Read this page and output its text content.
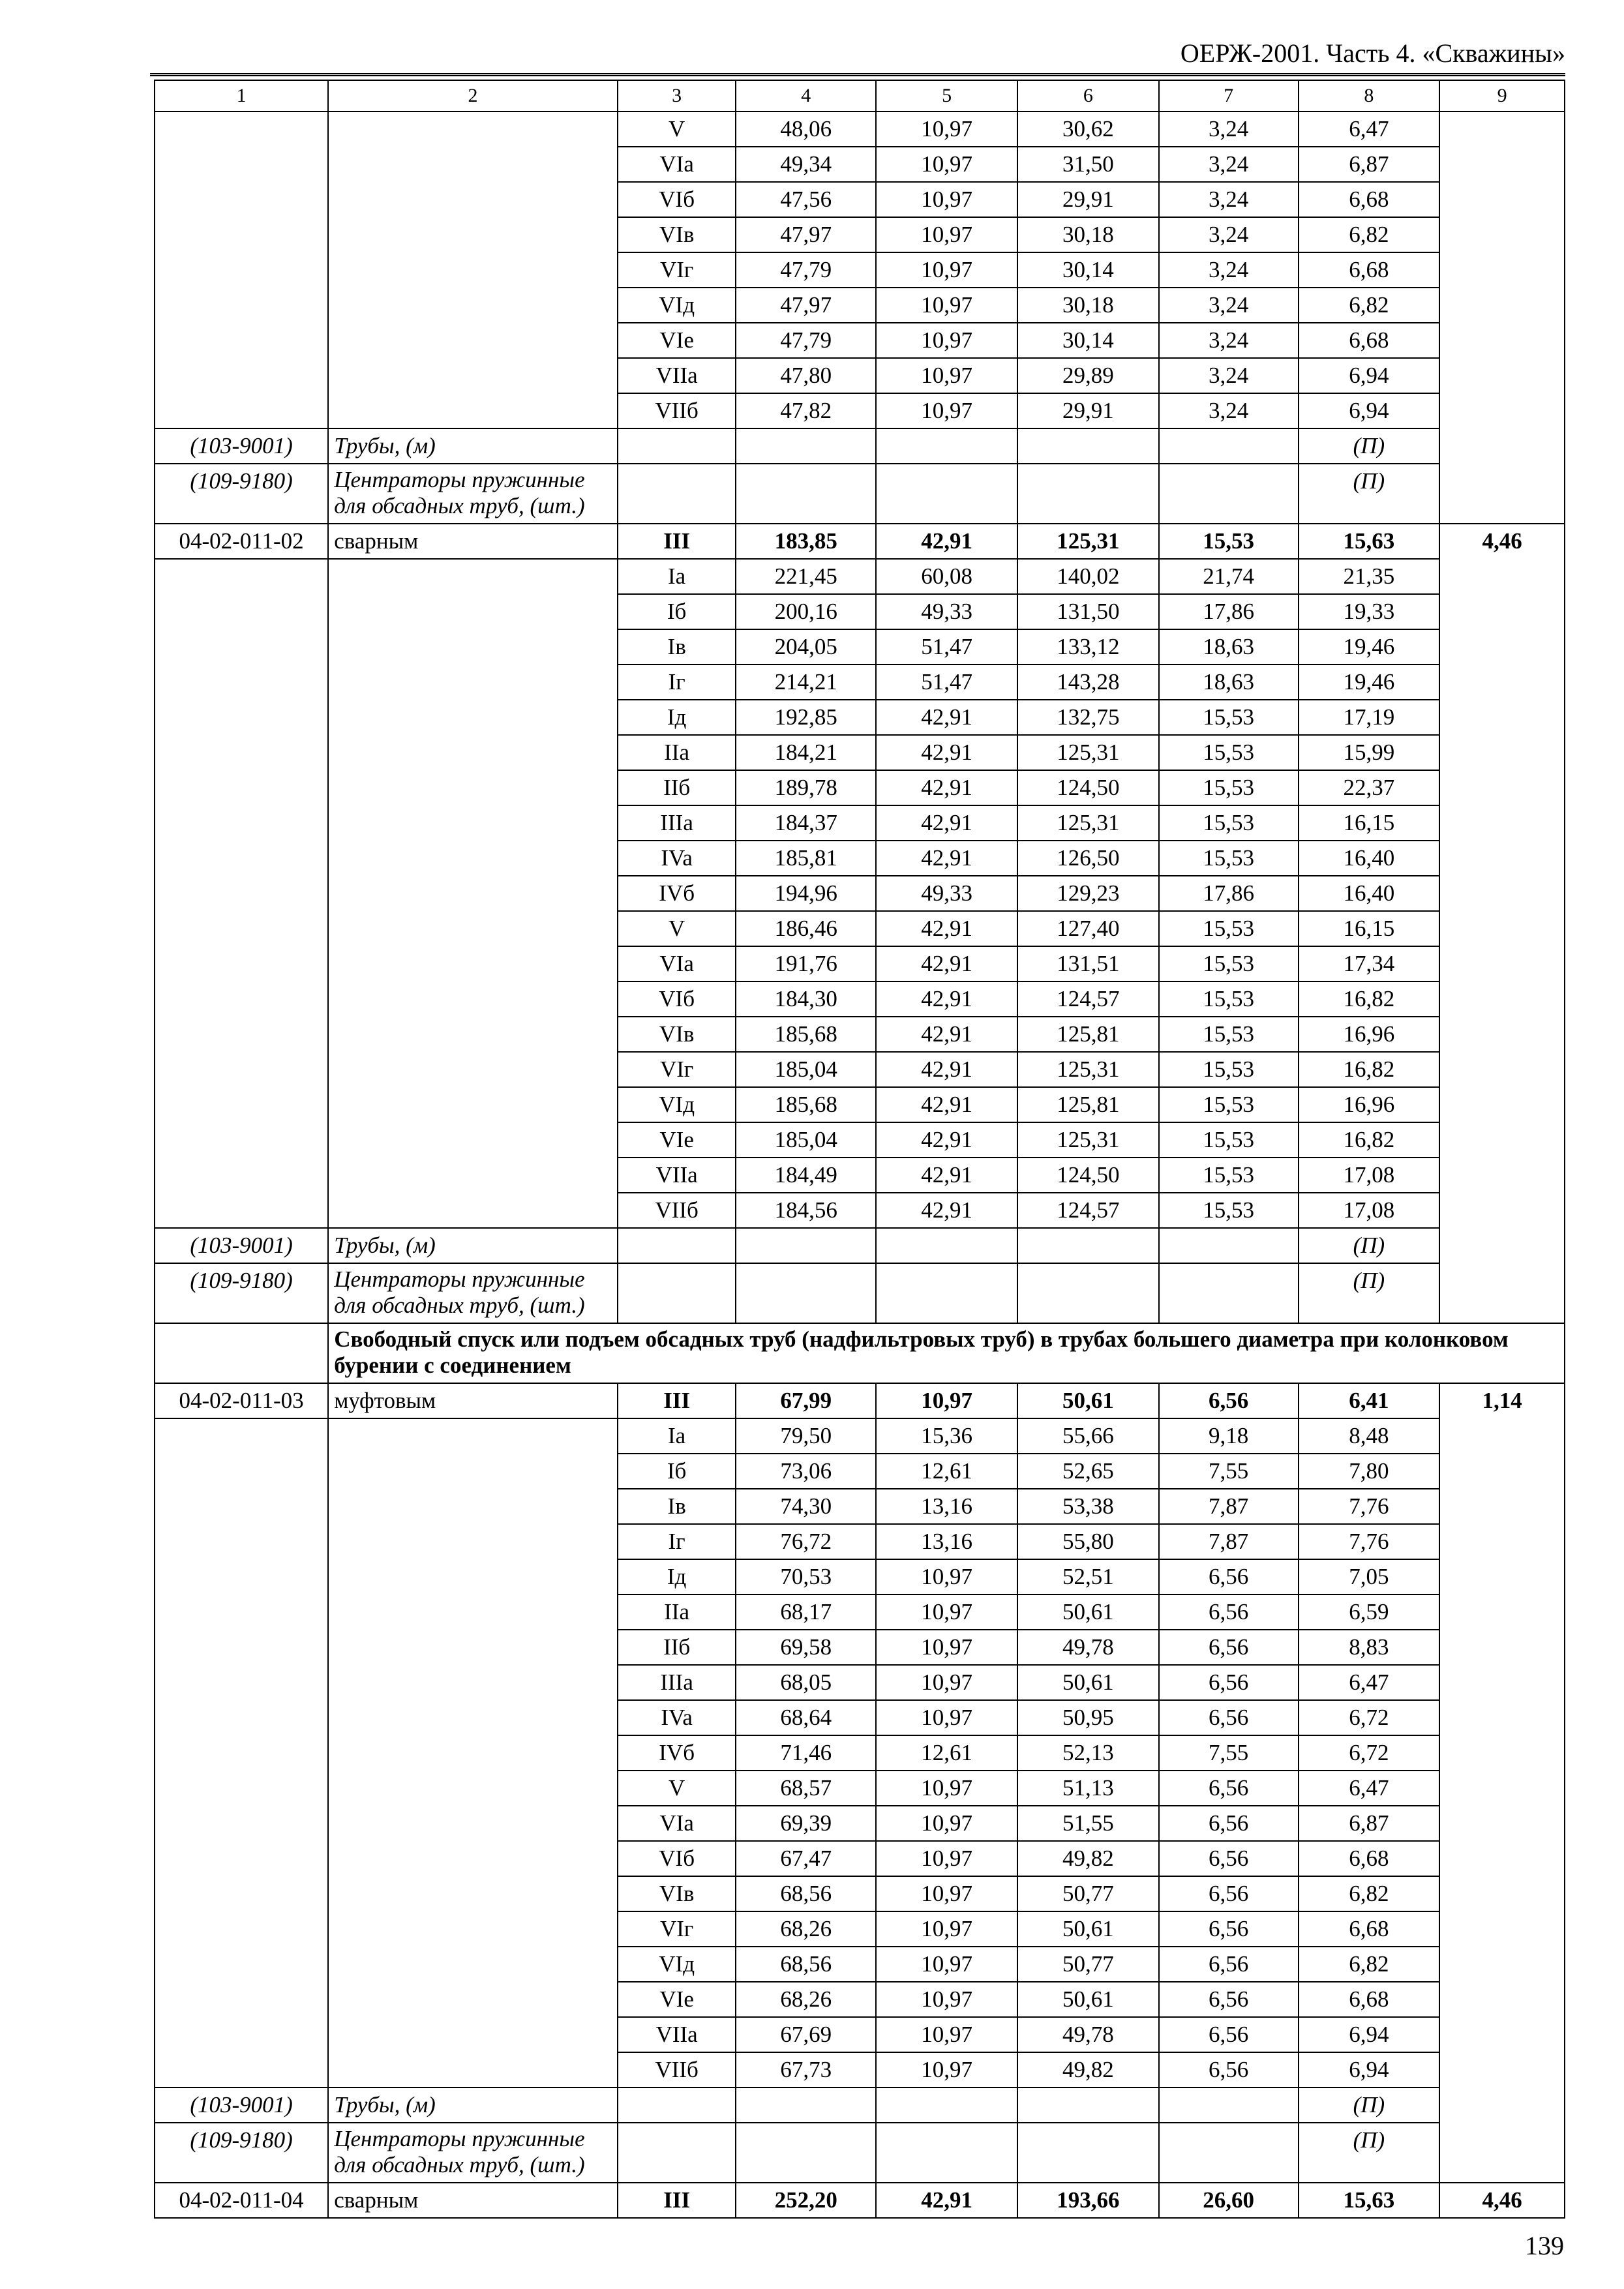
ОЕРЖ-2001. Часть 4. «Скважины»
1	2	3	4	5	6	7	8	9
		V	48,06	10,97	30,62	3,24	6,47	
		VIa	49,34	10,97	31,50	3,24	6,87	
		VIб	47,56	10,97	29,91	3,24	6,68	
		VIв	47,97	10,97	30,18	3,24	6,82	
		VIг	47,79	10,97	30,14	3,24	6,68	
		VIд	47,97	10,97	30,18	3,24	6,82	
		VIe	47,79	10,97	30,14	3,24	6,68	
		VIIa	47,80	10,97	29,89	3,24	6,94	
		VIIб	47,82	10,97	29,91	3,24	6,94	
(103-9001)	Трубы, (м)						(П)	
(109-9180)	Центраторы пружинные для обсадных труб, (шт.)						(П)	
04-02-011-02	сварным	III	183,85	42,91	125,31	15,53	15,63	4,46
		Ia	221,45	60,08	140,02	21,74	21,35	
		Iб	200,16	49,33	131,50	17,86	19,33	
		Iв	204,05	51,47	133,12	18,63	19,46	
		Iг	214,21	51,47	143,28	18,63	19,46	
		Iд	192,85	42,91	132,75	15,53	17,19	
		IIa	184,21	42,91	125,31	15,53	15,99	
		IIб	189,78	42,91	124,50	15,53	22,37	
		IIIa	184,37	42,91	125,31	15,53	16,15	
		IVa	185,81	42,91	126,50	15,53	16,40	
		IVб	194,96	49,33	129,23	17,86	16,40	
		V	186,46	42,91	127,40	15,53	16,15	
		VIa	191,76	42,91	131,51	15,53	17,34	
		VIб	184,30	42,91	124,57	15,53	16,82	
		VIв	185,68	42,91	125,81	15,53	16,96	
		VIг	185,04	42,91	125,31	15,53	16,82	
		VIд	185,68	42,91	125,81	15,53	16,96	
		VIe	185,04	42,91	125,31	15,53	16,82	
		VIIa	184,49	42,91	124,50	15,53	17,08	
		VIIб	184,56	42,91	124,57	15,53	17,08	
(103-9001)	Трубы, (м)						(П)	
(109-9180)	Центраторы пружинные для обсадных труб, (шт.)						(П)	
	Свободный спуск или подъем обсадных труб (надфильтровых труб) в трубах большего диаметра при колонковом бурении с соединением							
04-02-011-03	муфтовым	III	67,99	10,97	50,61	6,56	6,41	1,14
		Ia	79,50	15,36	55,66	9,18	8,48	
		Iб	73,06	12,61	52,65	7,55	7,80	
		Iв	74,30	13,16	53,38	7,87	7,76	
		Iг	76,72	13,16	55,80	7,87	7,76	
		Iд	70,53	10,97	52,51	6,56	7,05	
		IIa	68,17	10,97	50,61	6,56	6,59	
		IIб	69,58	10,97	49,78	6,56	8,83	
		IIIa	68,05	10,97	50,61	6,56	6,47	
		IVa	68,64	10,97	50,95	6,56	6,72	
		IVб	71,46	12,61	52,13	7,55	6,72	
		V	68,57	10,97	51,13	6,56	6,47	
		VIa	69,39	10,97	51,55	6,56	6,87	
		VIб	67,47	10,97	49,82	6,56	6,68	
		VIв	68,56	10,97	50,77	6,56	6,82	
		VIг	68,26	10,97	50,61	6,56	6,68	
		VIд	68,56	10,97	50,77	6,56	6,82	
		VIe	68,26	10,97	50,61	6,56	6,68	
		VIIa	67,69	10,97	49,78	6,56	6,94	
		VIIб	67,73	10,97	49,82	6,56	6,94	
(103-9001)	Трубы, (м)						(П)	
(109-9180)	Центраторы пружинные для обсадных труб, (шт.)						(П)	
04-02-011-04	сварным	III	252,20	42,91	193,66	26,60	15,63	4,46
139
